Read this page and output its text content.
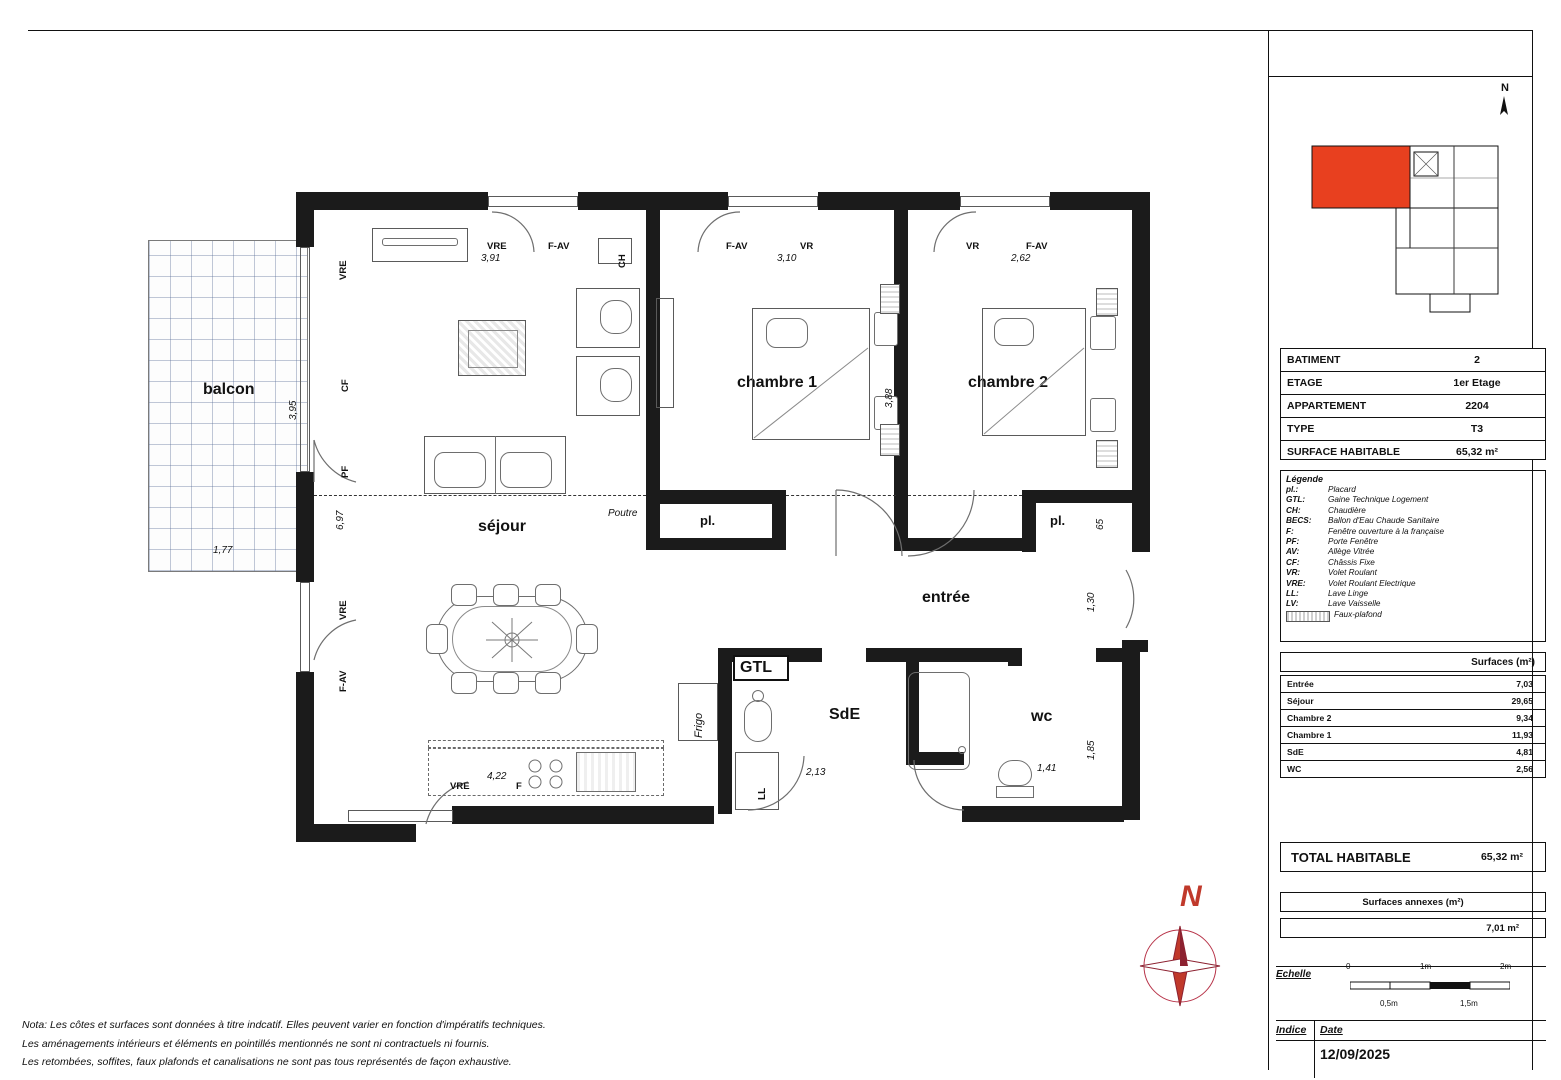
balcon
3,95
1,77
Poutre
séjour
chambre 1	chambre 2
entrée
SdE	wc
pl.	pl.
GTL
Frigo
LL
VRE	F-AV
CH
F-AV	VR	VR	F-AV
VRE
CF
PF
VRE
F-AV
VRE	F
3,91	3,10	2,62
6,97
3,88
65
1,30
4,22	2,13	1,41
1,85
N
Nota: Les côtes et surfaces sont données à titre indcatif. Elles peuvent varier en fonction d'impératifs techniques.
Les aménagements intérieurs et éléments en pointillés mentionnés ne sont ni contractuels ni fournis.
Les retombées, soffites, faux plafonds et canalisations ne sont pas tous représentés de façon exhaustive.
N
BATIMENT	2
ETAGE	1er Etage
APPARTEMENT	2204
TYPE	T3
SURFACE HABITABLE	65,32 m²
Légende
pl.:	Placard
GTL:	Gaine Technique Logement
CH:	Chaudière
BECS:	Ballon d'Eau Chaude Sanitaire
F:	Fenêtre ouverture à la française
PF:	Porte Fenêtre
AV:	Allège Vitrée
CF:	Châssis Fixe
VR:	Volet Roulant
VRE:	Volet Roulant Electrique
LL:	Lave Linge
LV:	Lave Vaisselle
Faux-plafond
Surfaces (m²)
Entrée	7,03
Séjour	29,65
Chambre 2	9,34
Chambre 1	11,93
SdE	4,81
WC	2,56
TOTAL HABITABLE	65,32 m²
Surfaces annexes (m²)
7,01 m²
Echelle
0	1m	2m
0,5m	1,5m
Indice Date
12/09/2025
